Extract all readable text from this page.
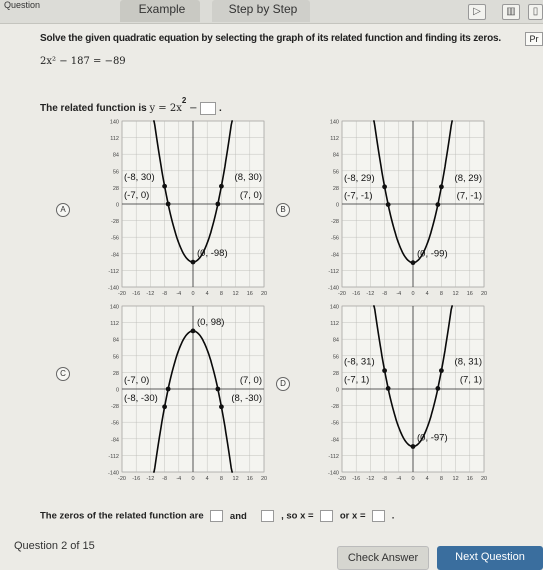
Question	Example	Step by Step	▷	▥	▯
Pr
Solve the given quadratic equation by selecting the graph of its related function and finding its zeros.
2x² − 187 = −89
The related function is $y = 2x^2$ − .
A
140
112
84
56
28
0
-28
-56
-84
-112
-140
-20 -16 -12 -8 -4 0 4 8 12 16 20
(-8, 30)	(8, 30)
(-7, 0)	(7, 0)
(0, -98)
B
140
112
84
56
28
0
-28
-56
-84
-112
-140
-20 -16 -12 -8 -4 0 4 8 12 16 20
(-8, 29)	(8, 29)
(-7, -1)	(7, -1)
(0, -99)
C
140
112
84
56
28
0
-28
-56
-84
-112
-140
-20 -16 -12 -8 -4 0 4 8 12 16 20
(0, 98)
(-7, 0)	(7, 0)
(-8, -30)	(8, -30)
D
140
112
84
56
28
0
-28
-56
-84
-112
-140
-20 -16 -12 -8 -4 0 4 8 12 16 20
(-8, 31)	(8, 31)
(-7, 1)	(7, 1)
(0, -97)
The zeros of the related function are	and	, so x =	or x =	.
Question 2 of 15
Check Answer	Next Question
